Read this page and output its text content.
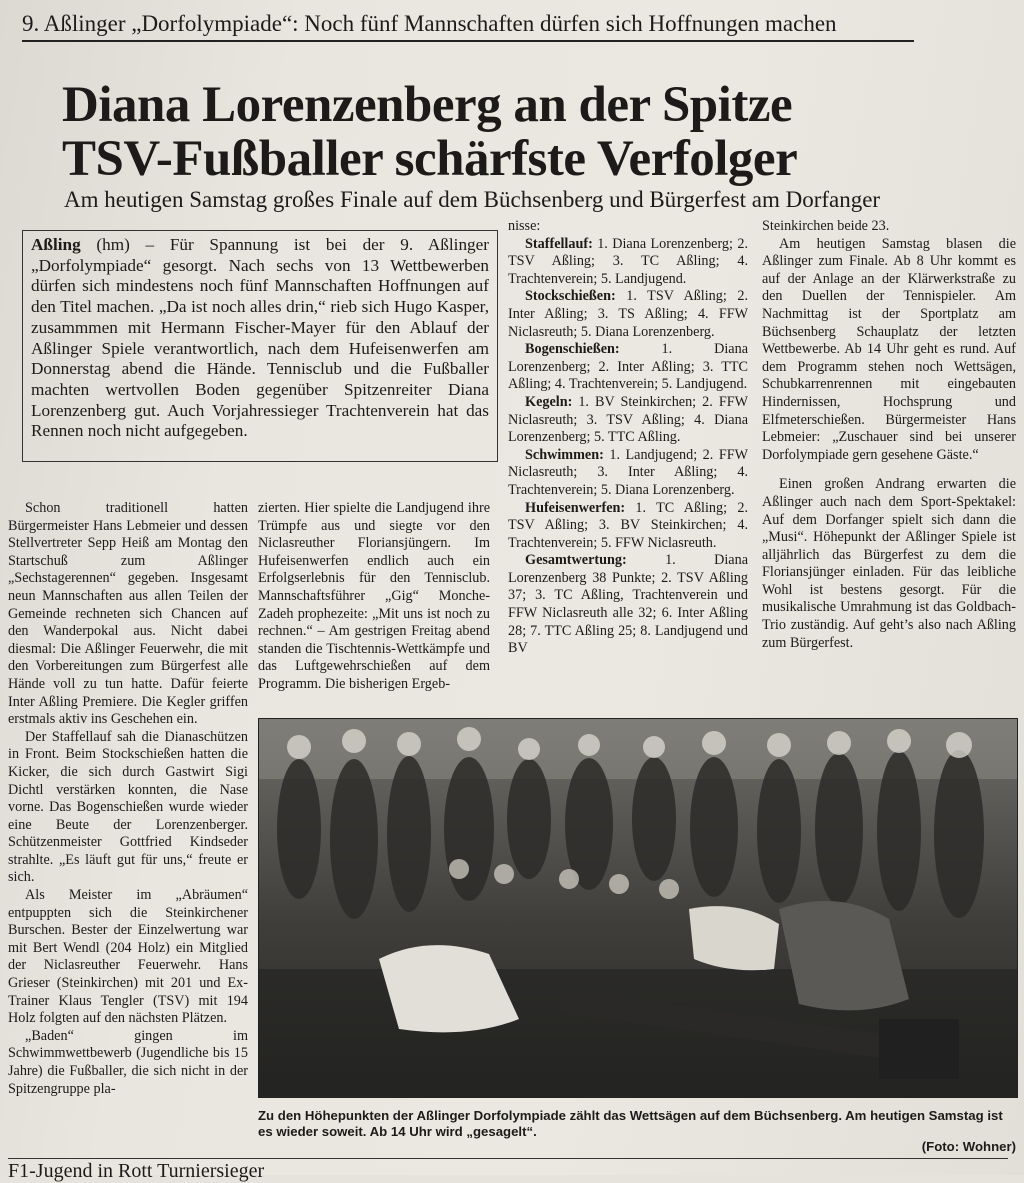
9. Aßlinger „Dorfolympiade“: Noch fünf Mannschaften dürfen sich Hoffnungen machen
Diana Lorenzenberg an der Spitze
TSV-Fußballer schärfste Verfolger
Am heutigen Samstag großes Finale auf dem Büchsenberg und Bürgerfest am Dorfanger
Aßling (hm) – Für Spannung ist bei der 9. Aßlinger „Dorfolympiade“ gesorgt. Nach sechs von 13 Wettbewerben dürfen sich mindestens noch fünf Mannschaften Hoffnungen auf den Titel machen. „Da ist noch alles drin,“ rieb sich Hugo Kasper, zusammmen mit Hermann Fischer-Mayer für den Ablauf der Aßlinger Spiele verantwortlich, nach dem Hufeisenwerfen am Donnerstag abend die Hände. Tennisclub und die Fußballer machten wertvollen Boden gegenüber Spitzenreiter Diana Lorenzenberg gut. Auch Vorjahressieger Trachtenverein hat das Rennen noch nicht aufgegeben.

Schon traditionell hatten Bürgermeister Hans Lebmeier und dessen Stellvertreter Sepp Heiß am Montag den Startschuß zum Aßlinger „Sechstagerennen“ gegeben. Insgesamt neun Mannschaften aus allen Teilen der Gemeinde rechneten sich Chancen auf den Wanderpokal aus. Nicht dabei diesmal: Die Aßlinger Feuerwehr, die mit den Vorbereitungen zum Bürgerfest alle Hände voll zu tun hatte. Dafür feierte Inter Aßling Premiere. Die Kegler griffen erstmals aktiv ins Geschehen ein.

Der Staffellauf sah die Dianaschützen in Front. Beim Stockschießen hatten die Kicker, die sich durch Gastwirt Sigi Dichtl verstärken konnten, die Nase vorne. Das Bogenschießen wurde wieder eine Beute der Lorenzenberger. Schützenmeister Gottfried Kindseder strahlte. „Es läuft gut für uns,“ freute er sich.

Als Meister im „Abräumen“ entpuppten sich die Steinkirchener Burschen. Bester der Einzelwertung war mit Bert Wendl (204 Holz) ein Mitglied der Niclasreuther Feuerwehr. Hans Grieser (Steinkirchen) mit 201 und Ex-Trainer Klaus Tengler (TSV) mit 194 Holz folgten auf den nächsten Plätzen.

„Baden“ gingen im Schwimmwettbewerb (Jugendliche bis 15 Jahre) die Fußballer, die sich nicht in der Spitzengruppe pla-

zierten. Hier spielte die Landjugend ihre Trümpfe aus und siegte vor den Niclasreuther Floriansjüngern. Im Hufeisenwerfen endlich auch ein Erfolgserlebnis für den Tennisclub. Mannschaftsführer „Gig“ Monche-Zadeh prophezeite: „Mit uns ist noch zu rechnen.“ – Am gestrigen Freitag abend standen die Tischtennis-Wettkämpfe und das Luftgewehrschießen auf dem Programm. Die bisherigen Ergeb-

nisse:

Staffellauf: 1. Diana Lorenzenberg; 2. TSV Aßling; 3. TC Aßling; 4. Trachtenverein; 5. Landjugend.

Stockschießen: 1. TSV Aßling; 2. Inter Aßling; 3. TS Aßling; 4. FFW Niclasreuth; 5. Diana Lorenzenberg.

Bogenschießen: 1. Diana Lorenzenberg; 2. Inter Aßling; 3. TTC Aßling; 4. Trachtenverein; 5. Landjugend.

Kegeln: 1. BV Steinkirchen; 2. FFW Niclasreuth; 3. TSV Aßling; 4. Diana Lorenzenberg; 5. TTC Aßling.

Schwimmen: 1. Landjugend; 2. FFW Niclasreuth; 3. Inter Aßling; 4. Trachtenverein; 5. Diana Lorenzenberg.

Hufeisenwerfen: 1. TC Aßling; 2. TSV Aßling; 3. BV Steinkirchen; 4. Trachtenverein; 5. FFW Niclasreuth.

Gesamtwertung: 1. Diana Lorenzenberg 38 Punkte; 2. TSV Aßling 37; 3. TC Aßling, Trachtenverein und FFW Niclasreuth alle 32; 6. Inter Aßling 28; 7. TTC Aßling 25; 8. Landjugend und BV

Steinkirchen beide 23.

Am heutigen Samstag blasen die Aßlinger zum Finale. Ab 8 Uhr kommt es auf der Anlage an der Klärwerkstraße zu den Duellen der Tennispieler. Am Nachmittag ist der Sportplatz am Büchsenberg Schauplatz der letzten Wettbewerbe. Ab 14 Uhr geht es rund. Auf dem Programm stehen noch Wettsägen, Schubkarrenrennen mit eingebauten Hindernissen, Hochsprung und Elfmeterschießen. Bürgermeister Hans Lebmeier: „Zuschauer sind bei unserer Dorfolympiade gern gesehene Gäste.“

Einen großen Andrang erwarten die Aßlinger auch nach dem Sport-Spektakel: Auf dem Dorfanger spielt sich dann die „Musi“. Höhepunkt der Aßlinger Spiele ist alljährlich das Bürgerfest zu dem die Floriansjünger einladen. Für das leibliche Wohl ist bestens gesorgt. Für die musikalische Umrahmung ist das Goldbach-Trio zuständig. Auf geht’s also nach Aßling zum Bürgerfest.

Zu den Höhepunkten der Aßlinger Dorfolympiade zählt das Wettsägen auf dem Büchsenberg. Am heutigen Samstag ist es wieder soweit. Ab 14 Uhr wird „gesagelt“.
(Foto: Wohner)
F1-Jugend in Rott Turniersieger
